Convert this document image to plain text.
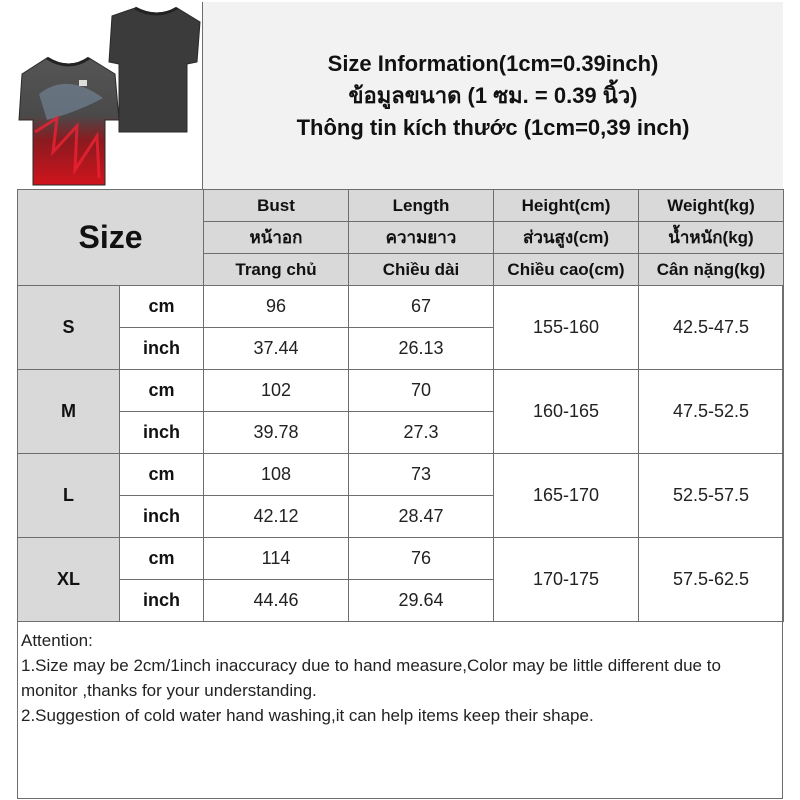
Size Information(1cm=0.39inch)
ข้อมูลขนาด (1 ซม. = 0.39 นิ้ว)
Thông tin kích thước (1cm=0,39 inch)
Size		Bust	Length	Height(cm)	Weight(kg)
		หน้าอก	ความยาว	ส่วนสูง(cm)	น้ำหนัก(kg)
		Trang chủ	Chiều dài	Chiều cao(cm)	Cân nặng(kg)
S	cm	96	67	155-160	42.5-47.5
	inch	37.44	26.13		
M	cm	102	70	160-165	47.5-52.5
	inch	39.78	27.3		
L	cm	108	73	165-170	52.5-57.5
	inch	42.12	28.47		
XL	cm	114	76	170-175	57.5-62.5
	inch	44.46	29.64		

Attention:

1.Size may be 2cm/1inch inaccuracy due to hand measure,Color may be little different due to monitor ,thanks for your understanding.

2.Suggestion of cold water hand washing,it can help items keep their shape.
